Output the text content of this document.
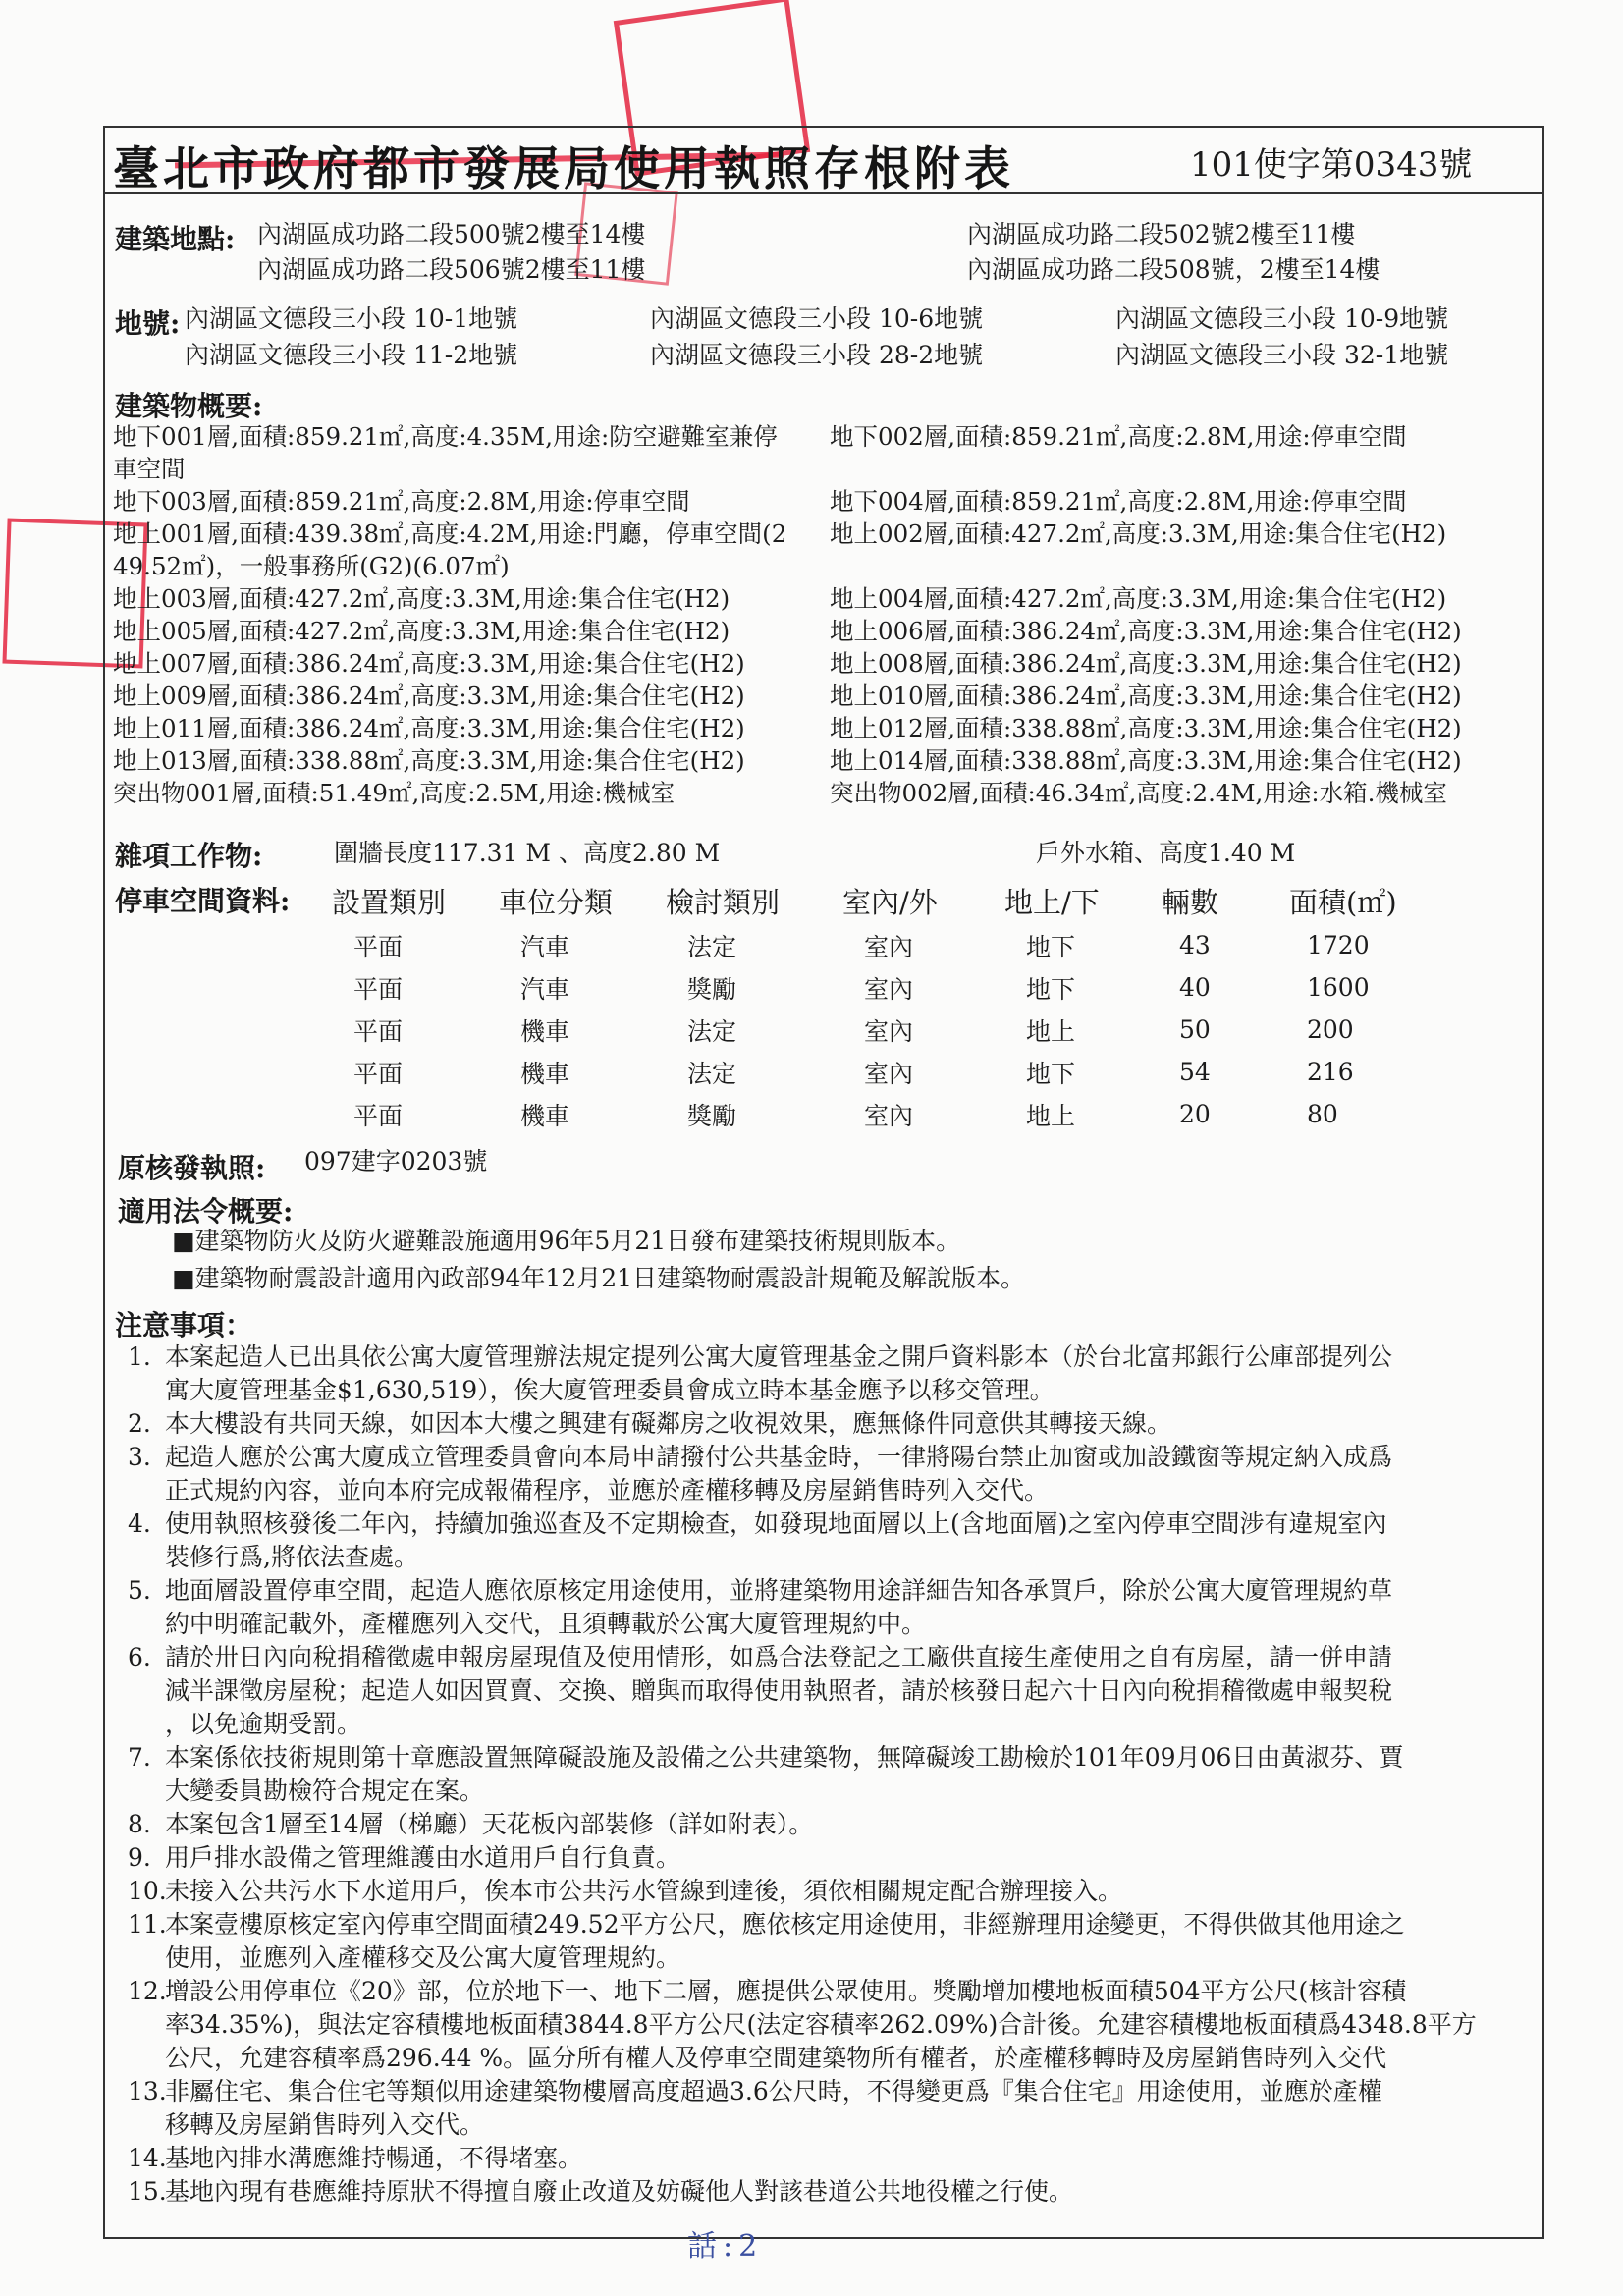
臺北市政府都市發展局使用執照存根附表	101使字第0343號
建築地點: 內湖區成功路二段500號2樓至14樓	內湖區成功路二段502號2樓至11樓
內湖區成功路二段506號2樓至11樓	內湖區成功路二段508號，2樓至14樓
地號: 內湖區文德段三小段 10-1地號	內湖區文德段三小段 10-6地號	內湖區文德段三小段 10-9地號
內湖區文德段三小段 11-2地號	內湖區文德段三小段 28-2地號	內湖區文德段三小段 32-1地號
建築物概要:
地下001層,面積:859.21㎡,高度:4.35M,用途:防空避難室兼停	地下002層,面積:859.21㎡,高度:2.8M,用途:停車空間
車空間
地下003層,面積:859.21㎡,高度:2.8M,用途:停車空間	地下004層,面積:859.21㎡,高度:2.8M,用途:停車空間
地上001層,面積:439.38㎡,高度:4.2M,用途:門廳，停車空間(2	地上002層,面積:427.2㎡,高度:3.3M,用途:集合住宅(H2)
49.52㎡)，一般事務所(G2)(6.07㎡)
地上003層,面積:427.2㎡,高度:3.3M,用途:集合住宅(H2)	地上004層,面積:427.2㎡,高度:3.3M,用途:集合住宅(H2)
地上005層,面積:427.2㎡,高度:3.3M,用途:集合住宅(H2)	地上006層,面積:386.24㎡,高度:3.3M,用途:集合住宅(H2)
地上007層,面積:386.24㎡,高度:3.3M,用途:集合住宅(H2)	地上008層,面積:386.24㎡,高度:3.3M,用途:集合住宅(H2)
地上009層,面積:386.24㎡,高度:3.3M,用途:集合住宅(H2)	地上010層,面積:386.24㎡,高度:3.3M,用途:集合住宅(H2)
地上011層,面積:386.24㎡,高度:3.3M,用途:集合住宅(H2)	地上012層,面積:338.88㎡,高度:3.3M,用途:集合住宅(H2)
地上013層,面積:338.88㎡,高度:3.3M,用途:集合住宅(H2)	地上014層,面積:338.88㎡,高度:3.3M,用途:集合住宅(H2)
突出物001層,面積:51.49㎡,高度:2.5M,用途:機械室	突出物002層,面積:46.34㎡,高度:2.4M,用途:水箱.機械室
雜項工作物:	圍牆長度117.31 M 、高度2.80 M	戶外水箱、高度1.40 M
停車空間資料: 設置類別	車位分類	檢討類別	室內/外	地上/下	輛數	面積(㎡)
平面	汽車	法定	室內	地下	43	1720
平面	汽車	獎勵	室內	地下	40	1600
平面	機車	法定	室內	地上	50	200
平面	機車	法定	室內	地下	54	216
平面	機車	獎勵	室內	地上	20	80
原核發執照: 097建字0203號
適用法令概要:
■建築物防火及防火避難設施適用96年5月21日發布建築技術規則版本。
■建築物耐震設計適用內政部94年12月21日建築物耐震設計規範及解說版本。
注意事項：
1. 本案起造人已出具依公寓大廈管理辦法規定提列公寓大廈管理基金之開戶資料影本（於台北富邦銀行公庫部提列公
寓大廈管理基金$1,630,519），俟大廈管理委員會成立時本基金應予以移交管理。
2. 本大樓設有共同天線，如因本大樓之興建有礙鄰房之收視效果，應無條件同意供其轉接天線。
3. 起造人應於公寓大廈成立管理委員會向本局申請撥付公共基金時，一律將陽台禁止加窗或加設鐵窗等規定納入成爲
正式規約內容，並向本府完成報備程序，並應於產權移轉及房屋銷售時列入交代。
4. 使用執照核發後二年內，持續加強巡查及不定期檢查，如發現地面層以上(含地面層)之室內停車空間涉有違規室內
裝修行爲,將依法查處。
5. 地面層設置停車空間，起造人應依原核定用途使用，並將建築物用途詳細告知各承買戶，除於公寓大廈管理規約草
約中明確記載外，產權應列入交代，且須轉載於公寓大廈管理規約中。
6. 請於卅日內向稅捐稽徵處申報房屋現值及使用情形，如爲合法登記之工廠供直接生產使用之自有房屋，請一併申請
減半課徵房屋稅；起造人如因買賣、交換、贈與而取得使用執照者，請於核發日起六十日內向稅捐稽徵處申報契稅
，以免逾期受罰。
7. 本案係依技術規則第十章應設置無障礙設施及設備之公共建築物，無障礙竣工勘檢於101年09月06日由黃淑芬、賈
大變委員勘檢符合規定在案。
8. 本案包含1層至14層（梯廳）天花板內部裝修（詳如附表）。
9. 用戶排水設備之管理維護由水道用戶自行負責。
10.
未接入公共污水下水道用戶，俟本市公共污水管線到達後，須依相關規定配合辦理接入。
11.
本案壹樓原核定室內停車空間面積249.52平方公尺，應依核定用途使用，非經辦理用途變更，不得供做其他用途之
使用，並應列入產權移交及公寓大廈管理規約。
12.
增設公用停車位《20》部，位於地下一、地下二層，應提供公眾使用。獎勵增加樓地板面積504平方公尺(核計容積
率34.35%)，與法定容積樓地板面積3844.8平方公尺(法定容積率262.09%)合計後。允建容積樓地板面積爲4348.8平方
公尺，允建容積率爲296.44 %。區分所有權人及停車空間建築物所有權者，於產權移轉時及房屋銷售時列入交代
13.
非屬住宅、集合住宅等類似用途建築物樓層高度超過3.6公尺時，不得變更爲『集合住宅』用途使用，並應於產權
移轉及房屋銷售時列入交代。
14.
基地內排水溝應維持暢通，不得堵塞。
15.
基地內現有巷應維持原狀不得擅自廢止改道及妨礙他人對該巷道公共地役權之行使。
話:2
